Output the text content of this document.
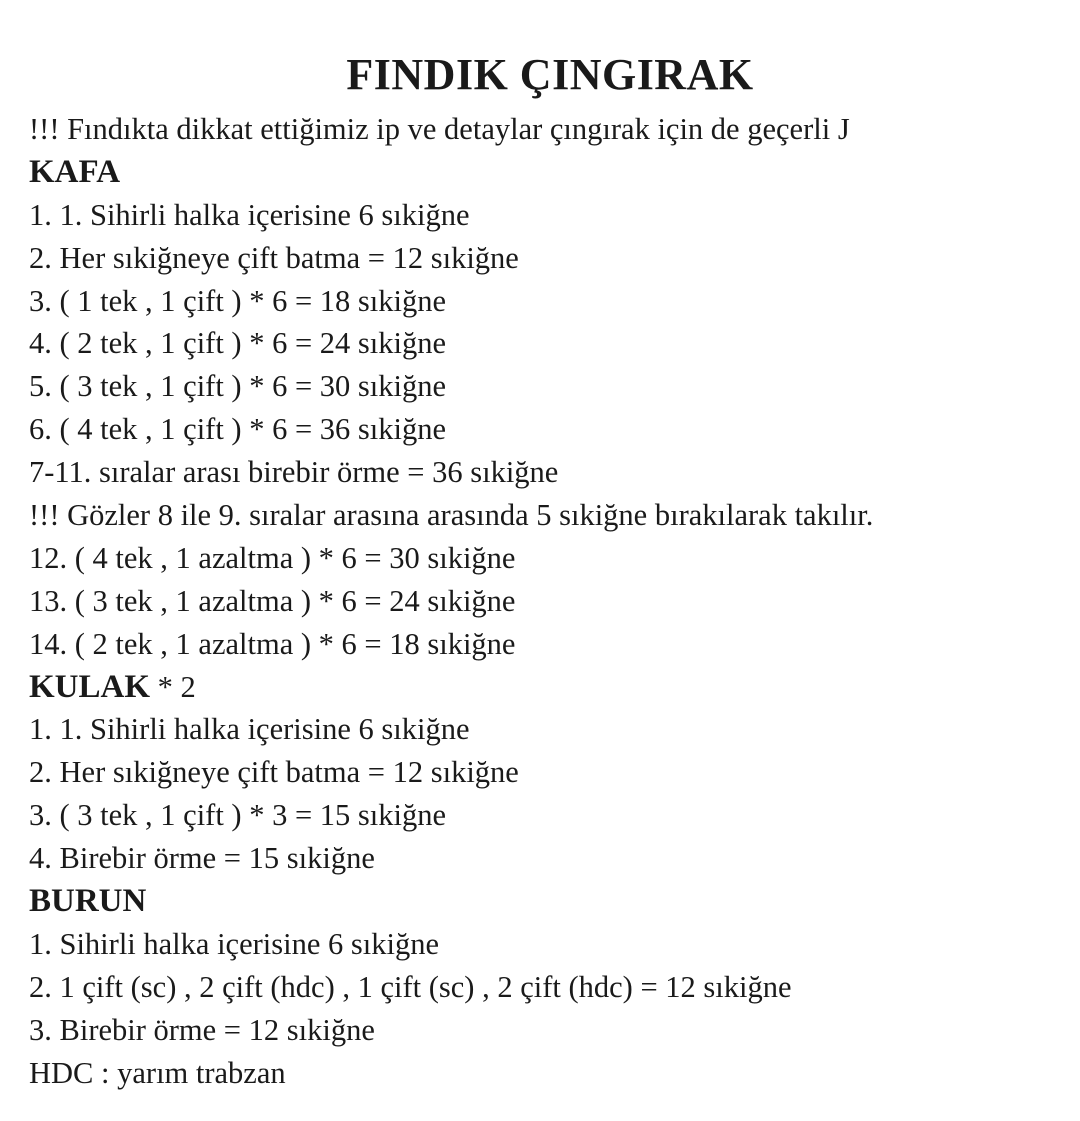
FINDIK ÇINGIRAK
!!! Fındıkta dikkat ettiğimiz ip ve detaylar çıngırak için de geçerli J
KAFA
1. 1. Sihirli halka içerisine 6 sıkiğne
2. Her sıkiğneye çift batma = 12 sıkiğne
3. ( 1 tek , 1 çift ) * 6 = 18 sıkiğne
4. ( 2 tek , 1 çift ) * 6 = 24 sıkiğne
5. ( 3 tek , 1 çift ) * 6 = 30 sıkiğne
6. ( 4 tek , 1 çift ) * 6 = 36 sıkiğne
7-11. sıralar arası birebir örme = 36 sıkiğne
!!! Gözler 8 ile 9. sıralar arasına arasında 5 sıkiğne bırakılarak takılır.
12. ( 4 tek , 1 azaltma ) * 6 = 30 sıkiğne
13. ( 3 tek , 1 azaltma ) * 6 = 24 sıkiğne
14. ( 2 tek , 1 azaltma ) * 6 = 18 sıkiğne
KULAK * 2
1. 1. Sihirli halka içerisine 6 sıkiğne
2. Her sıkiğneye çift batma = 12 sıkiğne
3. ( 3 tek , 1 çift ) * 3 = 15 sıkiğne
4. Birebir örme = 15 sıkiğne
BURUN
1. Sihirli halka içerisine 6 sıkiğne
2. 1 çift (sc) , 2 çift (hdc) , 1 çift (sc) , 2 çift (hdc) = 12 sıkiğne
3. Birebir örme = 12 sıkiğne
HDC : yarım trabzan
